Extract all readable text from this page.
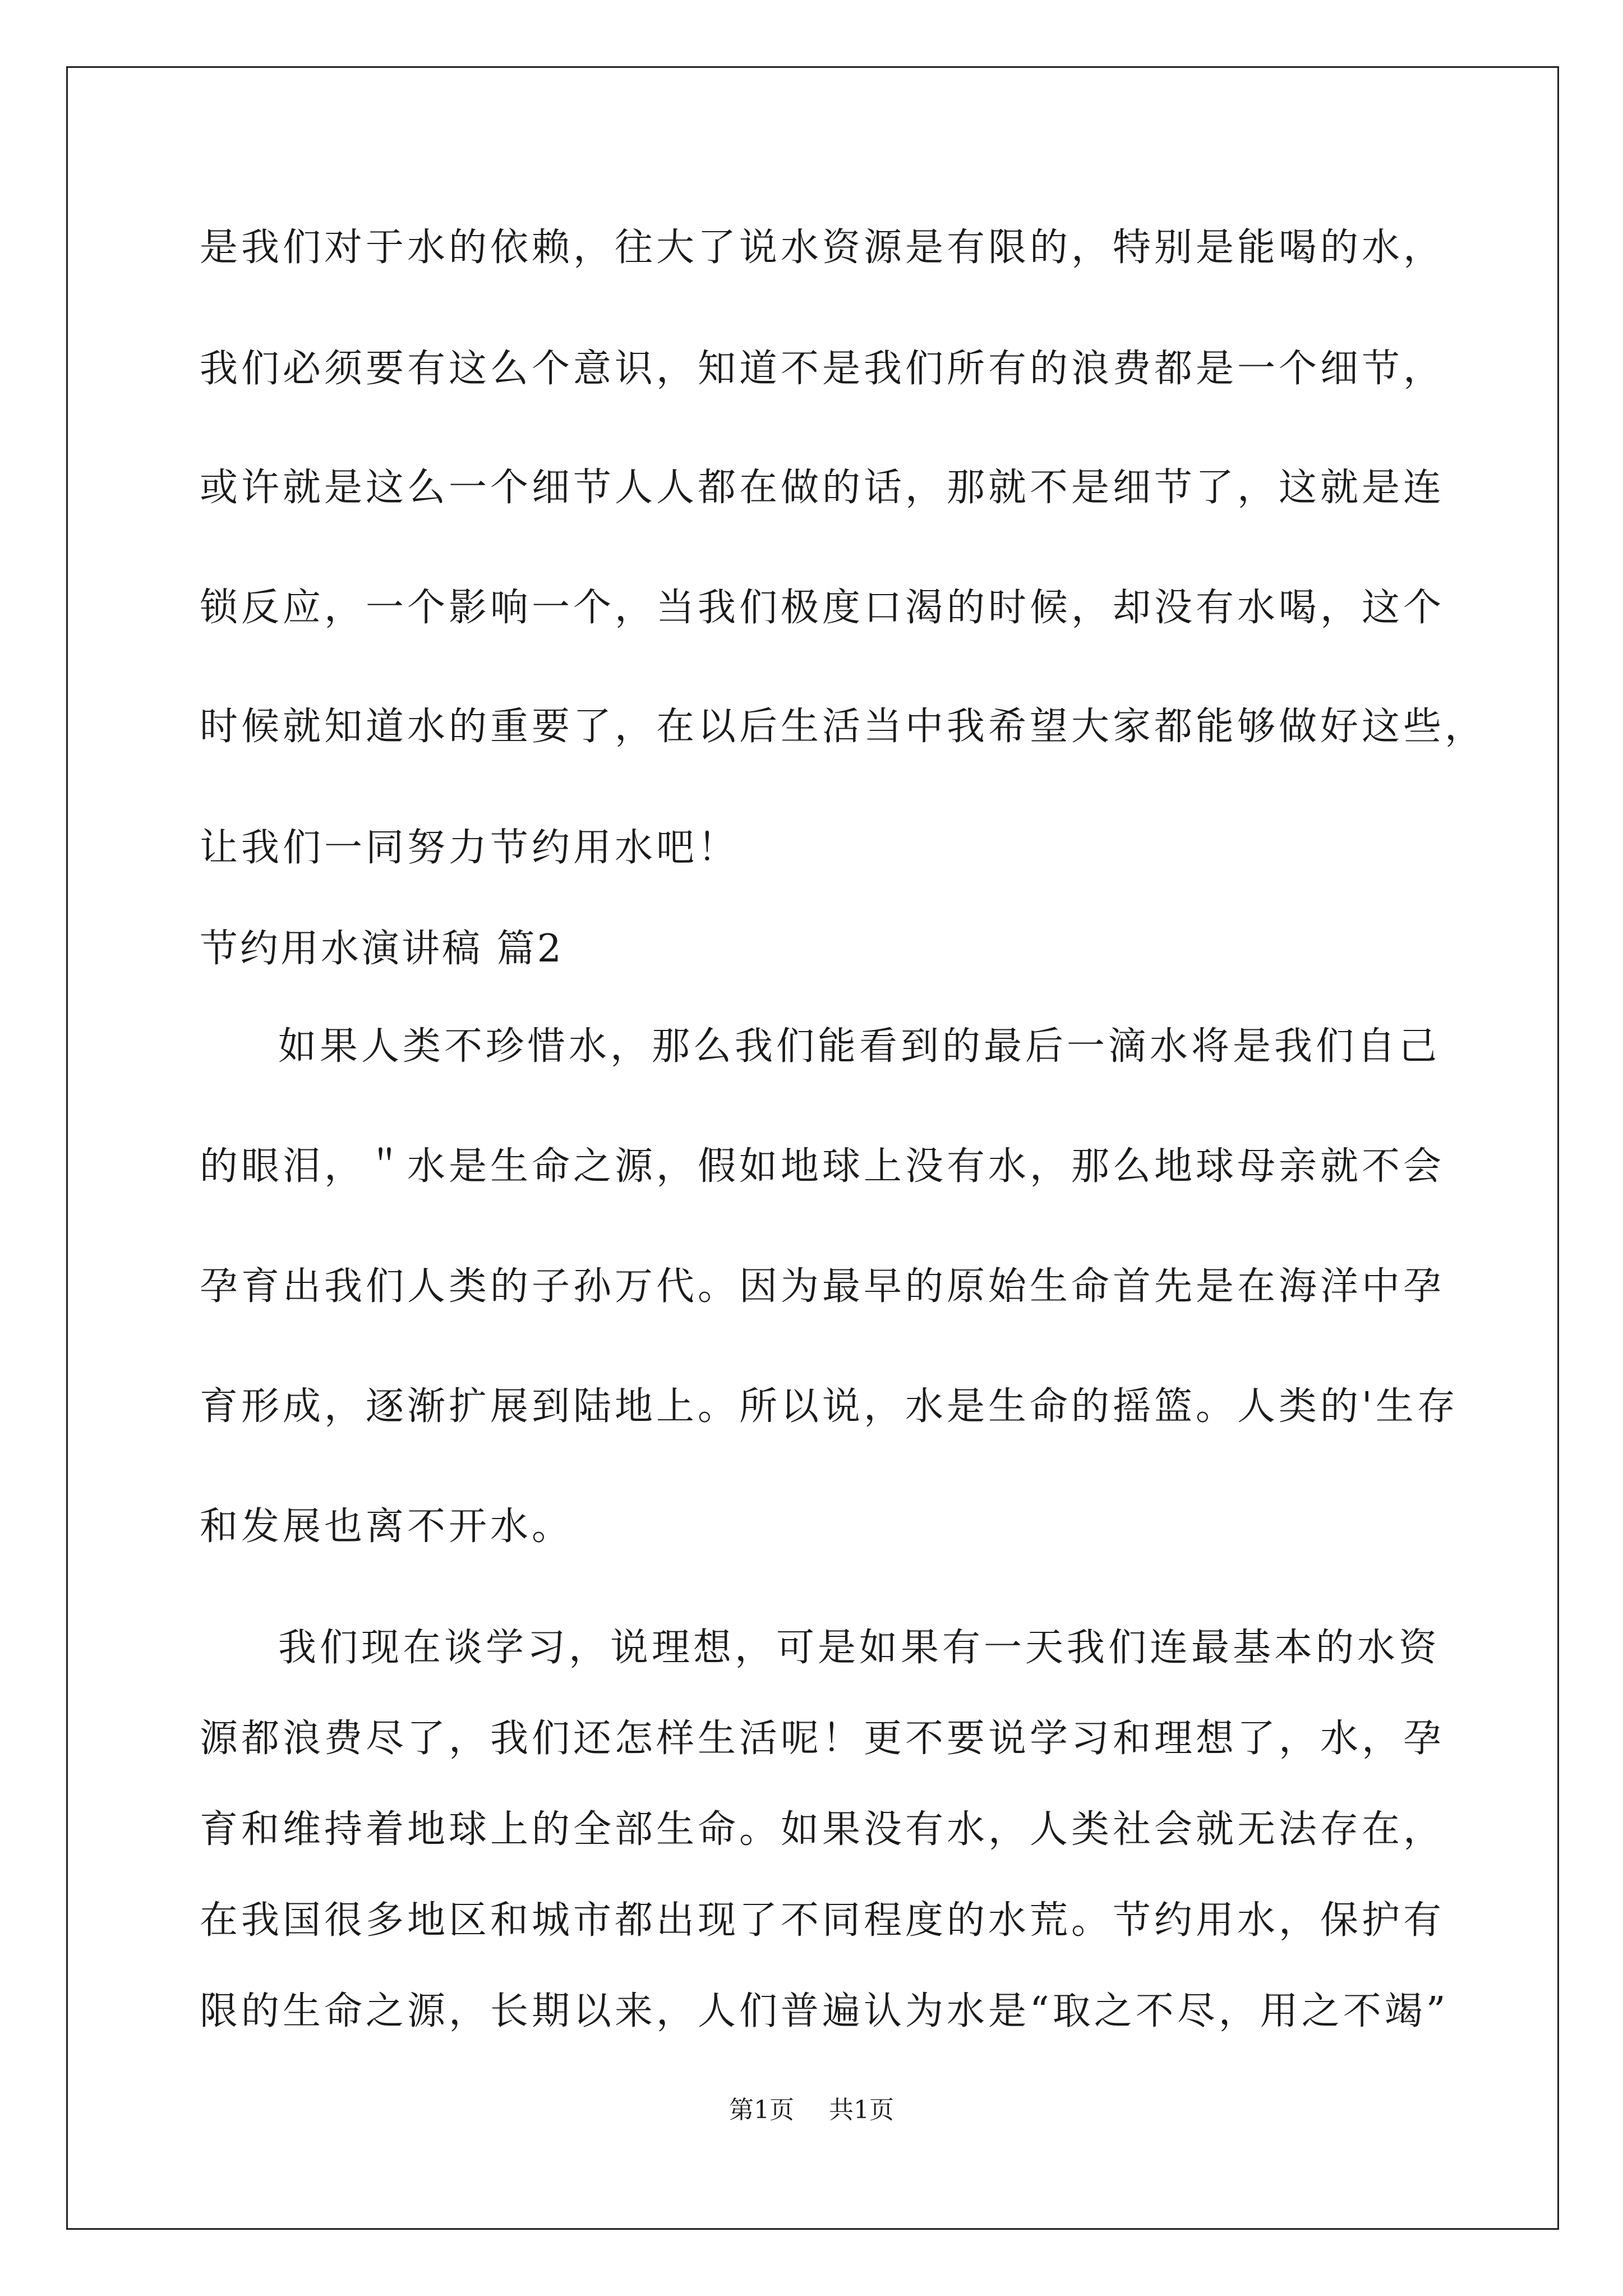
是我们对于水的依赖，往大了说水资源是有限的，特别是能喝的水，
我们必须要有这么个意识，知道不是我们所有的浪费都是一个细节，
或许就是这么一个细节人人都在做的话，那就不是细节了，这就是连
锁反应，一个影响一个，当我们极度口渴的时候，却没有水喝，这个
时候就知道水的重要了，在以后生活当中我希望大家都能够做好这些，
让我们一同努力节约用水吧！
节约用水演讲稿 篇2
如果人类不珍惜水，那么我们能看到的最后一滴水将是我们自己
的眼泪，＂水是生命之源，假如地球上没有水，那么地球母亲就不会
孕育出我们人类的子孙万代。因为最早的原始生命首先是在海洋中孕
育形成，逐渐扩展到陆地上。所以说，水是生命的摇篮。人类的'生存
和发展也离不开水。
我们现在谈学习，说理想，可是如果有一天我们连最基本的水资
源都浪费尽了，我们还怎样生活呢！更不要说学习和理想了，水，孕
育和维持着地球上的全部生命。如果没有水，人类社会就无法存在，
在我国很多地区和城市都出现了不同程度的水荒。节约用水，保护有
第1页 共1页
限的生命之源，长期以来，人们普遍认为水是“取之不尽，用之不竭”
